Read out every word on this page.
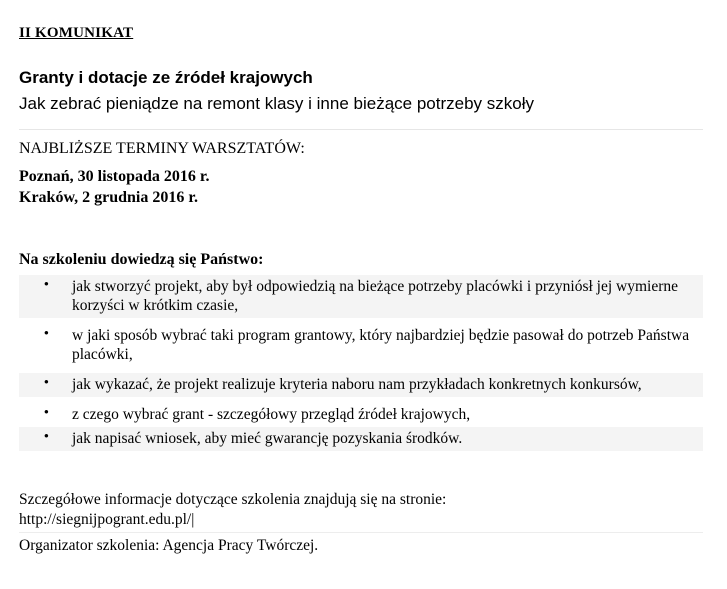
II KOMUNIKAT
Granty i dotacje ze źródeł krajowych
Jak zebrać pieniądze na remont klasy i inne bieżące potrzeby szkoły
NAJBLIŻSZE TERMINY WARSZTATÓW:
Poznań, 30 listopada 2016 r.
Kraków, 2 grudnia 2016 r.
Na szkoleniu dowiedzą się Państwo:
•
jak stworzyć projekt, aby był odpowiedzią na bieżące potrzeby placówki i przyniósł jej wymierne korzyści w krótkim czasie,
•
w jaki sposób wybrać taki program grantowy, który najbardziej będzie pasował do potrzeb Państwa placówki,
•
jak wykazać, że projekt realizuje kryteria naboru nam przykładach konkretnych konkursów,
•
z czego wybrać grant - szczegółowy przegląd źródeł krajowych,
•
jak napisać wniosek, aby mieć gwarancję pozyskania środków.
Szczegółowe informacje dotyczące szkolenia znajdują się na stronie:
http://siegnijpogrant.edu.pl/|
Organizator szkolenia: Agencja Pracy Twórczej.
